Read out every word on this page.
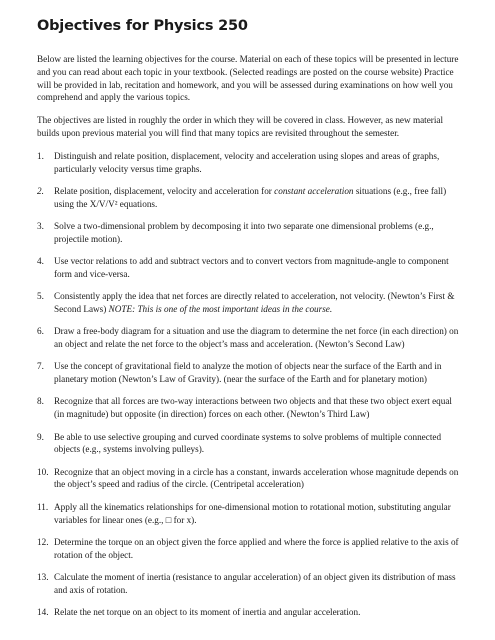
Objectives for Physics 250

Below are listed the learning objectives for the course. Material on each of these topics will be presented in lecture and you can read about each topic in your textbook. (Selected readings are posted on the course website) Practice will be provided in lab, recitation and homework, and you will be assessed during examinations on how well you comprehend and apply the various topics.

The objectives are listed in roughly the order in which they will be covered in class. However, as new material builds upon previous material you will find that many topics are revisited throughout the semester.

1.	Distinguish and relate position, displacement, velocity and acceleration using slopes and areas of graphs, particularly velocity versus time graphs.
2.	Relate position, displacement, velocity and acceleration for constant acceleration situations (e.g., free fall) using the X/V/V² equations.
3.	Solve a two-dimensional problem by decomposing it into two separate one dimensional problems (e.g., projectile motion).
4.	Use vector relations to add and subtract vectors and to convert vectors from magnitude-angle to component form and vice-versa.
5.	Consistently apply the idea that net forces are directly related to acceleration, not velocity. (Newton’s First & Second Laws) NOTE: This is one of the most important ideas in the course.
6.	Draw a free-body diagram for a situation and use the diagram to determine the net force (in each direction) on an object and relate the net force to the object’s mass and acceleration. (Newton’s Second Law)
7.	Use the concept of gravitational field to analyze the motion of objects near the surface of the Earth and in planetary motion (Newton’s Law of Gravity). (near the surface of the Earth and for planetary motion)
8.	Recognize that all forces are two-way interactions between two objects and that these two object exert equal (in magnitude) but opposite (in direction) forces on each other. (Newton’s Third Law)
9.	Be able to use selective grouping and curved coordinate systems to solve problems of multiple connected objects (e.g., systems involving pulleys).
10. Recognize that an object moving in a circle has a constant, inwards acceleration whose magnitude depends on the object’s speed and radius of the circle. (Centripetal acceleration)
11. Apply all the kinematics relationships for one-dimensional motion to rotational motion, substituting angular variables for linear ones (e.g., □ for x).
12. Determine the torque on an object given the force applied and where the force is applied relative to the axis of rotation of the object.
13. Calculate the moment of inertia (resistance to angular acceleration) of an object given its distribution of mass and axis of rotation.
14. Relate the net torque on an object to its moment of inertia and angular acceleration.
